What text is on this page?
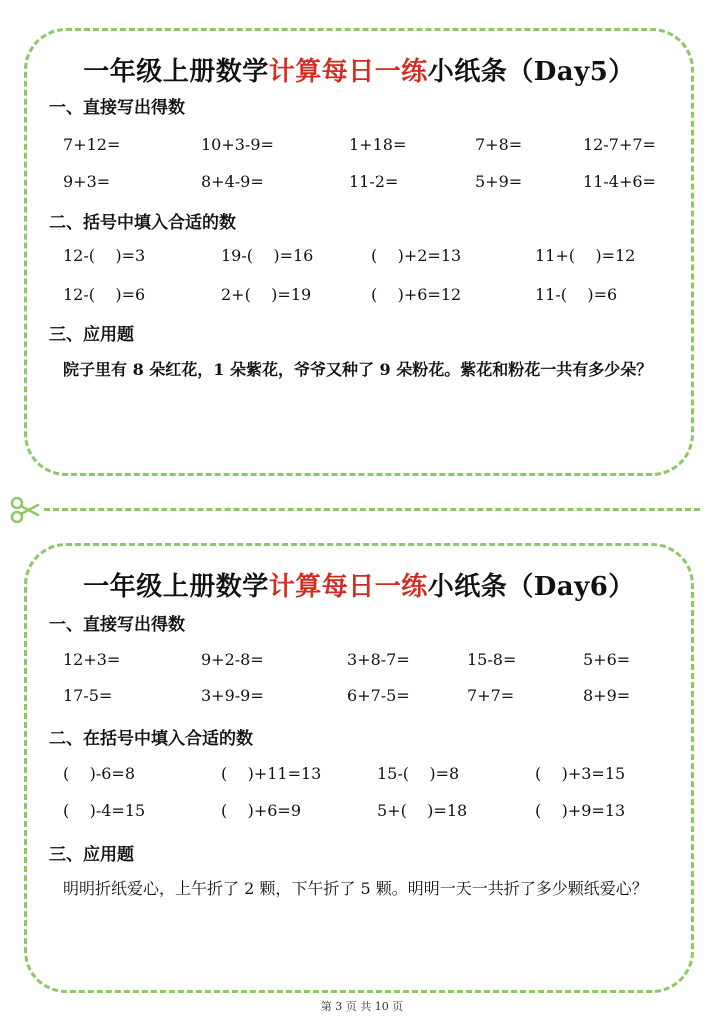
一年级上册数学计算每日一练小纸条（Day5）
一、直接写出得数
7+12=	10+3-9=	1+18=	7+8=	12-7+7=
9+3=	8+4-9=	11-2=	5+9=	11-4+6=
二、括号中填入合适的数
12-(    )=3	19-(    )=16	(    )+2=13	11+(    )=12
12-(    )=6	2+(    )=19	(    )+6=12	11-(    )=6
三、应用题
院子里有 8 朵红花，1 朵紫花，爷爷又种了 9 朵粉花。紫花和粉花一共有多少朵？
一年级上册数学计算每日一练小纸条（Day6）
一、直接写出得数
12+3=	9+2-8=	3+8-7=	15-8=	5+6=
17-5=	3+9-9=	6+7-5=	7+7=	8+9=
二、在括号中填入合适的数
(    )-6=8	(    )+11=13	15-(    )=8	(    )+3=15
(    )-4=15	(    )+6=9	5+(    )=18	(    )+9=13
三、应用题
明明折纸爱心，上午折了 2 颗，下午折了 5 颗。明明一天一共折了多少颗纸爱心？
第 3 页 共 10 页
